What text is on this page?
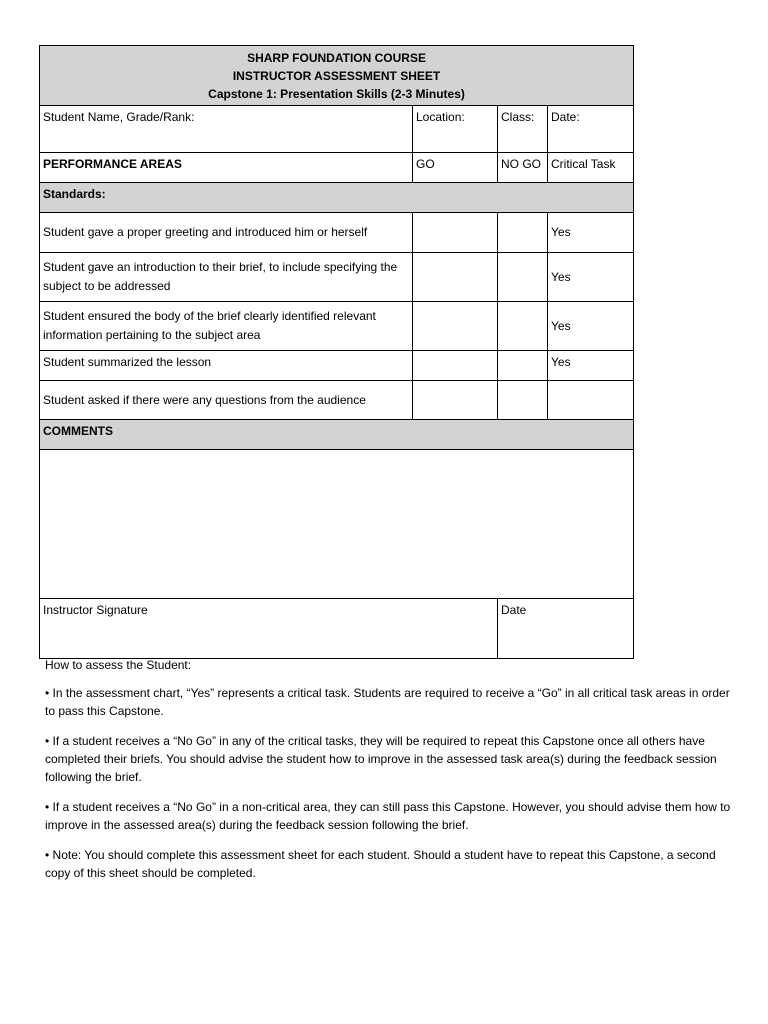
SHARP FOUNDATION COURSE
INSTRUCTOR ASSESSMENT SHEET
Capstone 1: Presentation Skills (2-3 Minutes)			

Student Name, Grade/Rank:	Location:	Class:	Date:
PERFORMANCE AREAS	GO	NO GO	Critical Task
Standards:			
Student gave a proper greeting and introduced him or herself			Yes
Student gave an introduction to their brief, to include specifying the subject to be addressed			Yes
Student ensured the body of the brief clearly identified relevant information pertaining to the subject area			Yes
Student summarized the lesson			Yes
Student asked if there were any questions from the audience			
COMMENTS			

Instructor Signature		Date	

How to assess the Student:

• In the assessment chart, “Yes” represents a critical task. Students are required to receive a “Go” in all critical task areas in order to pass this Capstone.

• If a student receives a “No Go” in any of the critical tasks, they will be required to repeat this Capstone once all others have completed their briefs. You should advise the student how to improve in the assessed task area(s) during the feedback session following the brief.

• If a student receives a “No Go” in a non-critical area, they can still pass this Capstone. However, you should advise them how to improve in the assessed area(s) during the feedback session following the brief.

• Note: You should complete this assessment sheet for each student. Should a student have to repeat this Capstone, a second copy of this sheet should be completed.
